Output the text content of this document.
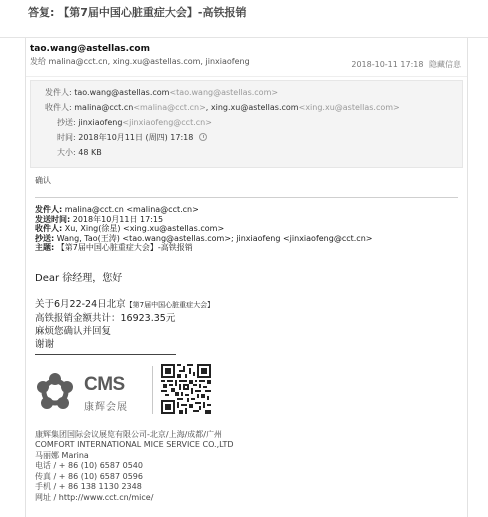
答复: 【第7届中国心脏重症大会】-高铁报销
tao.wang@astellas.com
发给 malina@cct.cn, xing.xu@astellas.com, jinxiaofeng	2018-10-11 17:18 隐藏信息
发件人: tao.wang@astellas.com<tao.wang@astellas.com>
收件人: malina@cct.cn<malina@cct.cn>, xing.xu@astellas.com<xing.xu@astellas.com>
抄送: jinxiaofeng<jinxiaofeng@cct.cn>
时间: 2018年10月11日 (周四) 17:18
大小: 48 KB
确认
发件人: malina@cct.cn <malina@cct.cn>
发送时间: 2018年10月11日 17:15
收件人: Xu, Xing(徐星) <xing.xu@astellas.com>
抄送: Wang, Tao(王涛) <tao.wang@astellas.com>; jinxiaofeng <jinxiaofeng@cct.cn>
主题: 【第7届中国心脏重症大会】-高铁报销
Dear 徐经理，您好
关于6月22-24日北京【第7届中国心脏重症大会】
高铁报销金额共计：16923.35元
麻烦您确认并回复
谢谢
CMS
康辉会展
康辉集团国际会议展览有限公司-北京/上海/成都/广州
COMFORT INTERNATIONAL MICE SERVICE CO.,LTD
马丽娜 Marina
电话 / + 86 (10) 6587 0540
传真 / + 86 (10) 6587 0596
手机 / + 86 138 1130 2348
网址 / http://www.cct.cn/mice/
